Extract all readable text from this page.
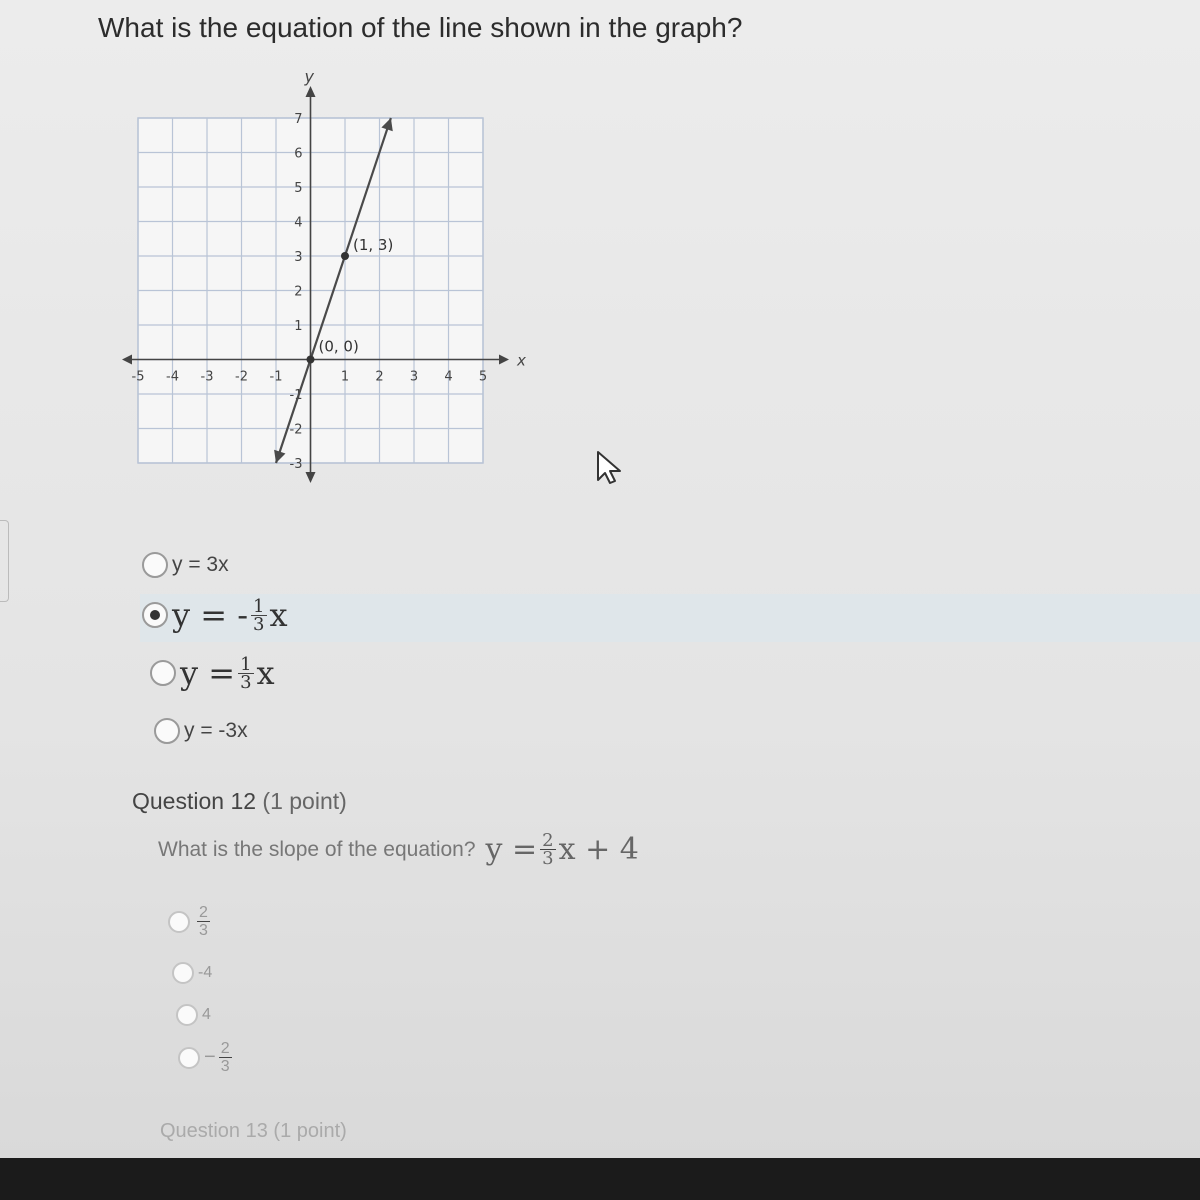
What is the equation of the line shown in the graph?
x
y
-5 -4 -3 -2 -1	1 2 3 4 5
7
6
5
4
3
2
1
-1
-2
-3
(1, 3)
(0, 0)
y = 3x
y = - $\frac{1}{3}$ x
$y = \frac{1}{3}$ x
y = -3x
Question 12 (1 point)
What is the slope of the equation? $y = \frac{2}{3}$ x + 4
$\frac{2}{3}$
-4
4
− $\frac{2}{3}$
Question 13 (1 point)
